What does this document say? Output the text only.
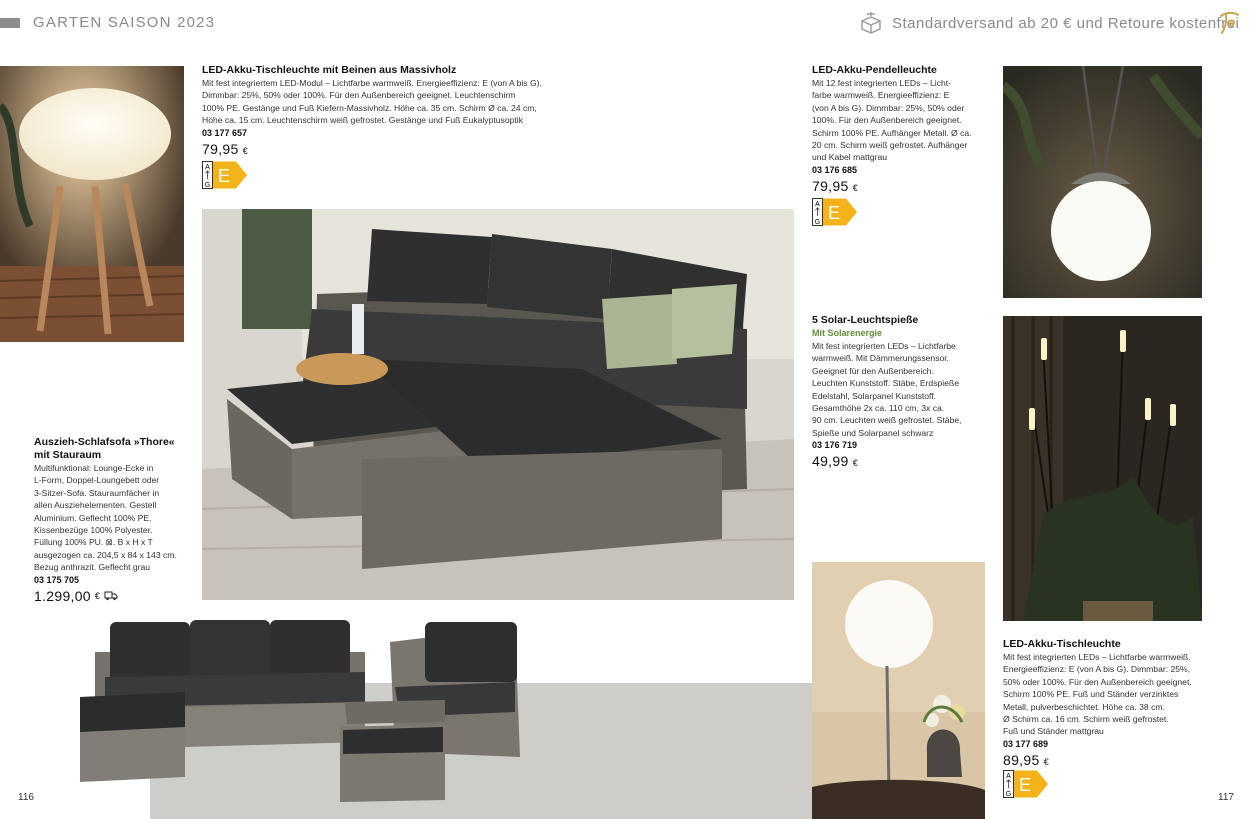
GARTEN SAISON 2023	Standardversand ab 20 € und Retoure kostenfrei
LED-Akku-Tischleuchte mit Beinen aus Massivholz
Mit fest integriertem LED-Modul – Lichtfarbe warmweiß. Energieeffizienz: E (von A bis G).
Dimmbar: 25%, 50% oder 100%. Für den Außenbereich geeignet. Leuchtenschirm
100% PE. Gestänge und Fuß Kiefern-Massivholz. Höhe ca. 35 cm. Schirm Ø ca. 24 cm,
Höhe ca. 15 cm. Leuchtenschirm weiß gefrostet. Gestänge und Fuß Eukalyptusoptik
03 177 657
79,95 €
A
G E
Auszieh-Schlafsofa »Thore«
mit Stauraum
Multifunktional: Lounge-Ecke in
L-Form, Doppel-Loungebett oder
3-Sitzer-Sofa. Stauraumfächer in
allen Ausziehelementen. Gestell
Aluminium. Geflecht 100% PE.
Kissenbezüge 100% Polyester.
Füllung 100% PU. ⊠. B x H x T
ausgezogen ca. 204,5 x 84 x 143 cm.
Bezug anthrazit. Geflecht grau
03 175 705
1.299,00 €
116
LED-Akku-Pendelleuchte
Mit 12 fest integrierten LEDs – Licht-
farbe warmweiß. Energieeffizienz: E
(von A bis G). Dimmbar: 25%, 50% oder
100%. Für den Außenbereich geeignet.
Schirm 100% PE. Aufhänger Metall. Ø ca.
20 cm. Schirm weiß gefrostet. Aufhänger
und Kabel mattgrau
03 176 685
79,95 €
A
G E
5 Solar-Leuchtspieße
Mit Solarenergie
Mit fest integrierten LEDs – Lichtfarbe
warmweiß. Mit Dämmerungssensor.
Geeignet für den Außenbereich.
Leuchten Kunststoff. Stäbe, Erdspieße
Edelstahl, Solarpanel Kunststoff.
Gesamthöhe 2x ca. 110 cm, 3x ca.
90 cm. Leuchten weiß gefrostet. Stäbe,
Spieße und Solarpanel schwarz
03 176 719
49,99 €
LED-Akku-Tischleuchte
Mit fest integrierten LEDs – Lichtfarbe warmweiß.
Energieeffizienz: E (von A bis G). Dimmbar: 25%,
50% oder 100%. Für den Außenbereich geeignet.
Schirm 100% PE. Fuß und Ständer verzinktes
Metall, pulverbeschichtet. Höhe ca. 38 cm.
Ø Schirm ca. 16 cm. Schirm weiß gefrostet.
Fuß und Ständer mattgrau
03 177 689
89,95 €
A
G E
117
